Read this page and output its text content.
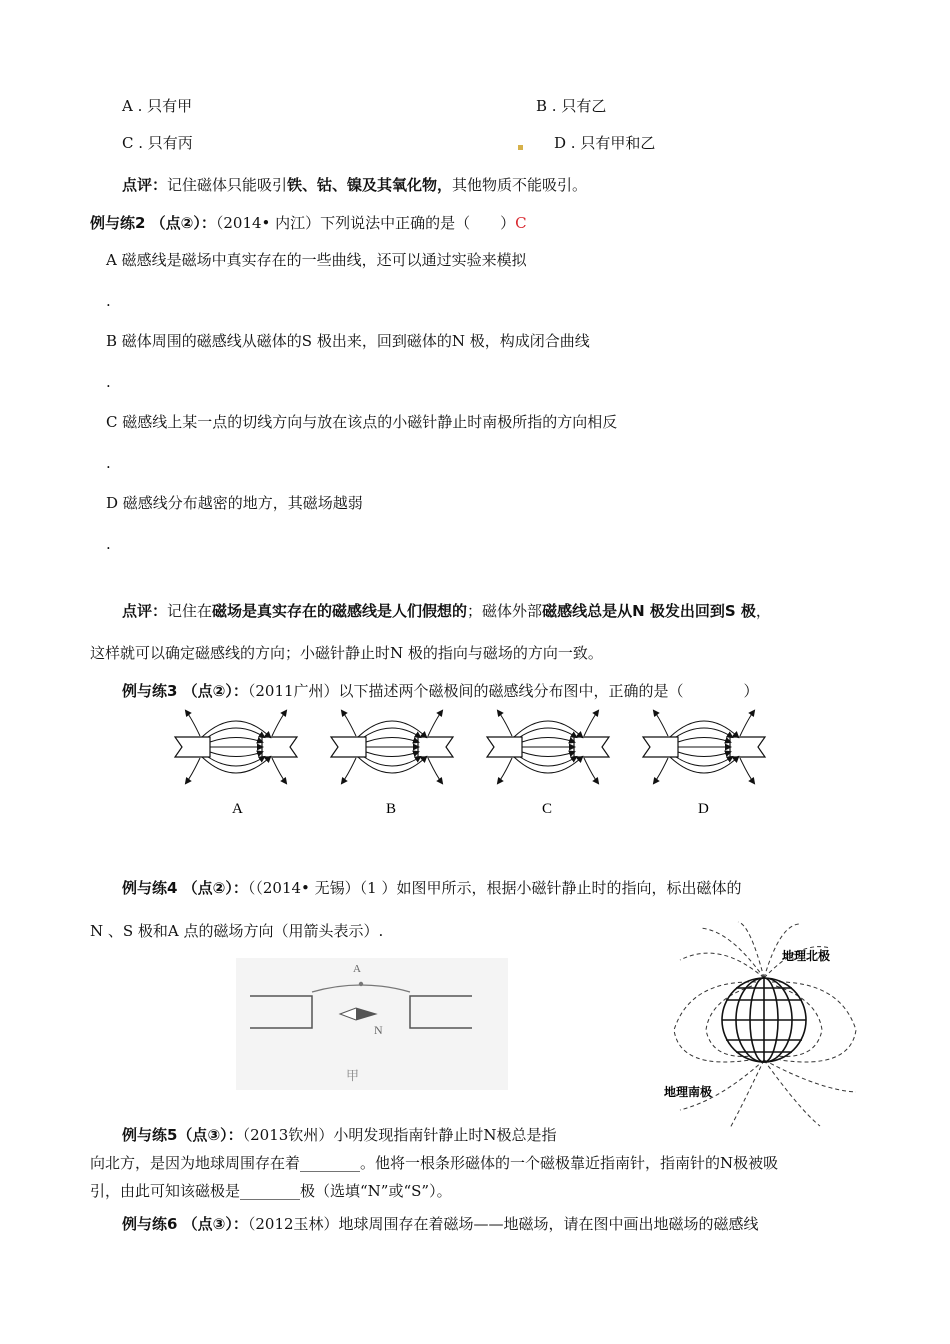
A . 只有甲	B . 只有乙
C . 只有丙	D . 只有甲和乙
点评：记住磁体只能吸引铁、钴、镍及其氧化物，其他物质不能吸引。
例与练2 （点②）：（2014• 内江）下列说法中正确的是（　　）C
A 磁感线是磁场中真实存在的一些曲线，还可以通过实验来模拟
.
B 磁体周围的磁感线从磁体的S 极出来，回到磁体的N 极，构成闭合曲线
.
C 磁感线上某一点的切线方向与放在该点的小磁针静止时南极所指的方向相反
.
D 磁感线分布越密的地方，其磁场越弱
.
点评：记住在磁场是真实存在的磁感线是人们假想的；磁体外部磁感线总是从N 极发出回到S 极，
这样就可以确定磁感线的方向；小磁针静止时N 极的指向与磁场的方向一致。
例与练3 （点②）：（2011广州）以下描述两个磁极间的磁感线分布图中，正确的是（　　　　）
A	B	C	D
例与练4 （点②）：（（2014• 无锡）（1 ）如图甲所示，根据小磁针静止时的指向，标出磁体的
N 、S 极和A 点的磁场方向（用箭头表示）.
A
N
甲
地理北极
地理南极
例与练5（点③）：（2013钦州）小明发现指南针静止时N极总是指
向北方，是因为地球周围存在着________。他将一根条形磁体的一个磁极靠近指南针，指南针的N极被吸
引，由此可知该磁极是________极（选填“N”或“S”）。
例与练6 （点③）：（2012玉林）地球周围存在着磁场——地磁场，请在图中画出地磁场的磁感线
